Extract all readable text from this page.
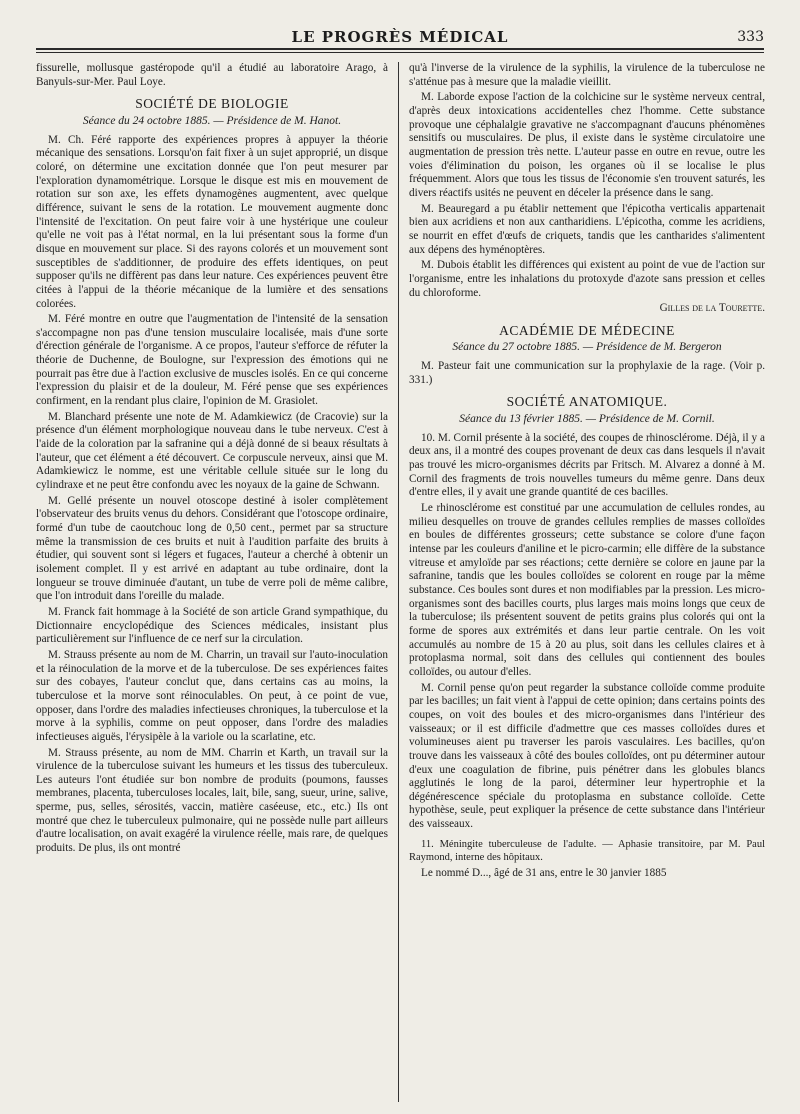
LE PROGRÈS MÉDICAL	333

fissurelle, mollusque gastéropode qu'il a étudié au laboratoire Arago, à Banyuls-sur-Mer. Paul Loye.

SOCIÉTÉ DE BIOLOGIE
Séance du 24 octobre 1885. — Présidence de M. Hanot.

M. Ch. Féré rapporte des expériences propres à appuyer la théorie mécanique des sensations. Lorsqu'on fait fixer à un sujet approprié, un disque coloré, on détermine une excitation donnée que l'on peut mesurer par l'exploration dynamométrique. Lorsque le disque est mis en mouvement de rotation sur son axe, les effets dynamogènes augmentent, avec quelque différence, suivant le sens de la rotation. Le mouvement augmente donc l'intensité de l'excitation. On peut faire voir à une hystérique une couleur qu'elle ne voit pas à l'état normal, en la lui présentant sous la forme d'un disque en mouvement sur place. Si des rayons colorés et un mouvement sont susceptibles de s'additionner, de produire des effets identiques, on peut supposer qu'ils ne diffèrent pas dans leur nature. Ces expériences peuvent être citées à l'appui de la théorie mécanique de la lumière et des sensations colorées.

M. Féré montre en outre que l'augmentation de l'intensité de la sensation s'accompagne non pas d'une tension musculaire localisée, mais d'une sorte d'érection générale de l'organisme. A ce propos, l'auteur s'efforce de réfuter la théorie de Duchenne, de Boulogne, sur l'expression des émotions qui ne pourrait pas être due à l'action exclusive de muscles isolés. En ce qui concerne l'expression du plaisir et de la douleur, M. Féré pense que ses expériences confirment, en la rendant plus claire, l'opinion de M. Grasiolet.

M. Blanchard présente une note de M. Adamkiewicz (de Cracovie) sur la présence d'un élément morphologique nouveau dans le tube nerveux. C'est à l'aide de la coloration par la safranine qui a déjà donné de si beaux résultats à l'auteur, que cet élément a été découvert. Ce corpuscule nerveux, ainsi que M. Adamkiewicz le nomme, est une véritable cellule située sur le long du cylindraxe et ne peut être confondu avec les noyaux de la gaine de Schwann.

M. Gellé présente un nouvel otoscope destiné à isoler complètement l'observateur des bruits venus du dehors. Considérant que l'otoscope ordinaire, formé d'un tube de caoutchouc long de 0,50 cent., permet par sa structure même la transmission de ces bruits et nuit à l'audition parfaite des bruits à étudier, qui souvent sont si légers et fugaces, l'auteur a cherché à obtenir un isolement complet. Il y est arrivé en adaptant au tube ordinaire, dont la longueur se trouve diminuée d'autant, un tube de verre poli de même calibre, que l'on introduit dans l'oreille du malade.

M. Franck fait hommage à la Société de son article Grand sympathique, du Dictionnaire encyclopédique des Sciences médicales, insistant plus particulièrement sur l'influence de ce nerf sur la circulation.

M. Strauss présente au nom de M. Charrin, un travail sur l'auto-inoculation et la réinoculation de la morve et de la tuberculose. De ses expériences faites sur des cobayes, l'auteur conclut que, dans certains cas au moins, la tuberculose et la morve sont réinoculables. On peut, à ce point de vue, opposer, dans l'ordre des maladies infectieuses chroniques, la tuberculose et la morve à la syphilis, comme on peut opposer, dans l'ordre des maladies infectieuses aiguës, l'érysipèle à la variole ou la scarlatine, etc.

M. Strauss présente, au nom de MM. Charrin et Karth, un travail sur la virulence de la tuberculose suivant les humeurs et les tissus des tuberculeux. Les auteurs l'ont étudiée sur bon nombre de produits (poumons, fausses membranes, placenta, tuberculoses locales, lait, bile, sang, sueur, urine, salive, sperme, pus, selles, sérosités, vaccin, matière caséeuse, etc., etc.) Ils ont montré que chez le tuberculeux pulmonaire, qui ne possède nulle part ailleurs d'autre localisation, on avait exagéré la virulence réelle, mais rare, de quelques produits. De plus, ils ont montré

qu'à l'inverse de la virulence de la syphilis, la virulence de la tuberculose ne s'atténue pas à mesure que la maladie vieillit.

M. Laborde expose l'action de la colchicine sur le système nerveux central, d'après deux intoxications accidentelles chez l'homme. Cette substance provoque une céphalalgie gravative ne s'accompagnant d'aucuns phénomènes sensitifs ou musculaires. De plus, il existe dans le système circulatoire une augmentation de pression très nette. L'auteur passe en outre en revue, outre les voies d'élimination du poison, les organes où il se localise le plus fréquemment. Alors que tous les tissus de l'économie s'en trouvent saturés, les divers réactifs usités ne peuvent en déceler la présence dans le sang.

M. Beauregard a pu établir nettement que l'épicotha verticalis appartenait bien aux acridiens et non aux cantharidiens. L'épicotha, comme les acridiens, se nourrit en effet d'œufs de criquets, tandis que les cantharides s'alimentent aux dépens des hyménoptères.

M. Dubois établit les différences qui existent au point de vue de l'action sur l'organisme, entre les inhalations du protoxyde d'azote sans pression et celles du chloroforme.

Gilles de la Tourette.
ACADÉMIE DE MÉDECINE
Séance du 27 octobre 1885. — Présidence de M. Bergeron

M. Pasteur fait une communication sur la prophylaxie de la rage. (Voir p. 331.)

SOCIÉTÉ ANATOMIQUE.
Séance du 13 février 1885. — Présidence de M. Cornil.

10. M. Cornil présente à la société, des coupes de rhinosclérome. Déjà, il y a deux ans, il a montré des coupes provenant de deux cas dans lesquels il n'avait pas trouvé les micro-organismes décrits par Fritsch. M. Alvarez a donné à M. Cornil des fragments de trois nouvelles tumeurs du même genre. Dans deux d'entre elles, il y avait une grande quantité de ces bacilles.

Le rhinosclérome est constitué par une accumulation de cellules rondes, au milieu desquelles on trouve de grandes cellules remplies de masses colloïdes en boules de différentes grosseurs; cette substance se colore d'une façon intense par les couleurs d'aniline et le picro-carmin; elle diffère de la substance vitreuse et amyloïde par ses réactions; cette dernière se colore en jaune par la safranine, tandis que les boules colloïdes se colorent en rouge par la même substance. Ces boules sont dures et non modifiables par la pression. Les micro-organismes sont des bacilles courts, plus larges mais moins longs que ceux de la tuberculose; ils présentent souvent de petits grains plus colorés qui ont la forme de spores aux extrémités et dans leur partie centrale. On les voit accumulés au nombre de 15 à 20 au plus, soit dans les cellules claires et à protoplasma normal, soit dans des cellules qui contiennent des boules colloïdes, ou autour d'elles.

M. Cornil pense qu'on peut regarder la substance colloïde comme produite par les bacilles; un fait vient à l'appui de cette opinion; dans certains points des coupes, on voit des boules et des micro-organismes dans l'intérieur des vaisseaux; or il est difficile d'admettre que ces masses colloïdes dures et volumineuses aient pu traverser les parois vasculaires. Les bacilles, qu'on trouve dans les vaisseaux à côté des boules colloïdes, ont pu déterminer autour d'eux une coagulation de fibrine, puis pénétrer dans les globules blancs agglutinés le long de la paroi, déterminer leur hypertrophie et la dégénérescence spéciale du protoplasma en substance colloïde. Cette hypothèse, seule, peut expliquer la présence de cette substance dans l'intérieur des vaisseaux.

11. Méningite tuberculeuse de l'adulte. — Aphasie transitoire, par M. Paul Raymond, interne des hôpitaux.

Le nommé D..., âgé de 31 ans, entre le 30 janvier 1885
